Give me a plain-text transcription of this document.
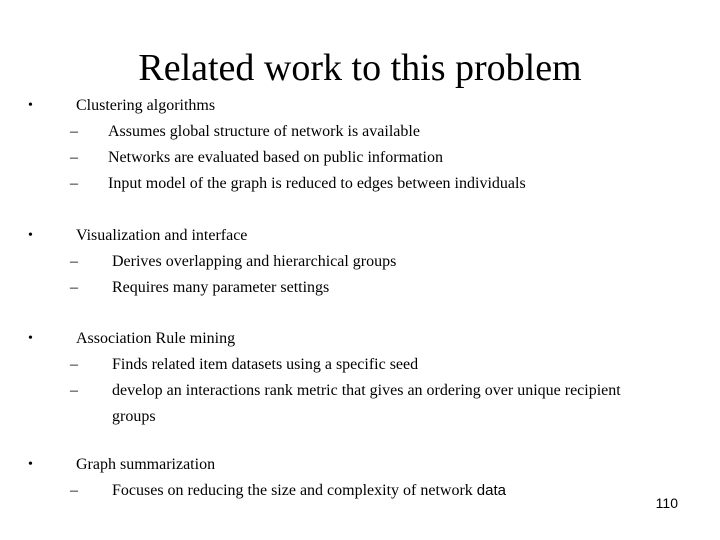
Related work to this problem
•	Clustering algorithms
– Assumes global structure of network is available
– Networks are evaluated based on public information
– Input model of the graph is reduced to edges between individuals
•	Visualization and interface
– Derives overlapping and hierarchical groups
– Requires many parameter settings
•	Association Rule mining
– Finds related item datasets using a specific seed
– develop an interactions rank metric that gives an ordering over unique recipient
groups
•	Graph summarization
– Focuses on reducing the size and complexity of network data
110
